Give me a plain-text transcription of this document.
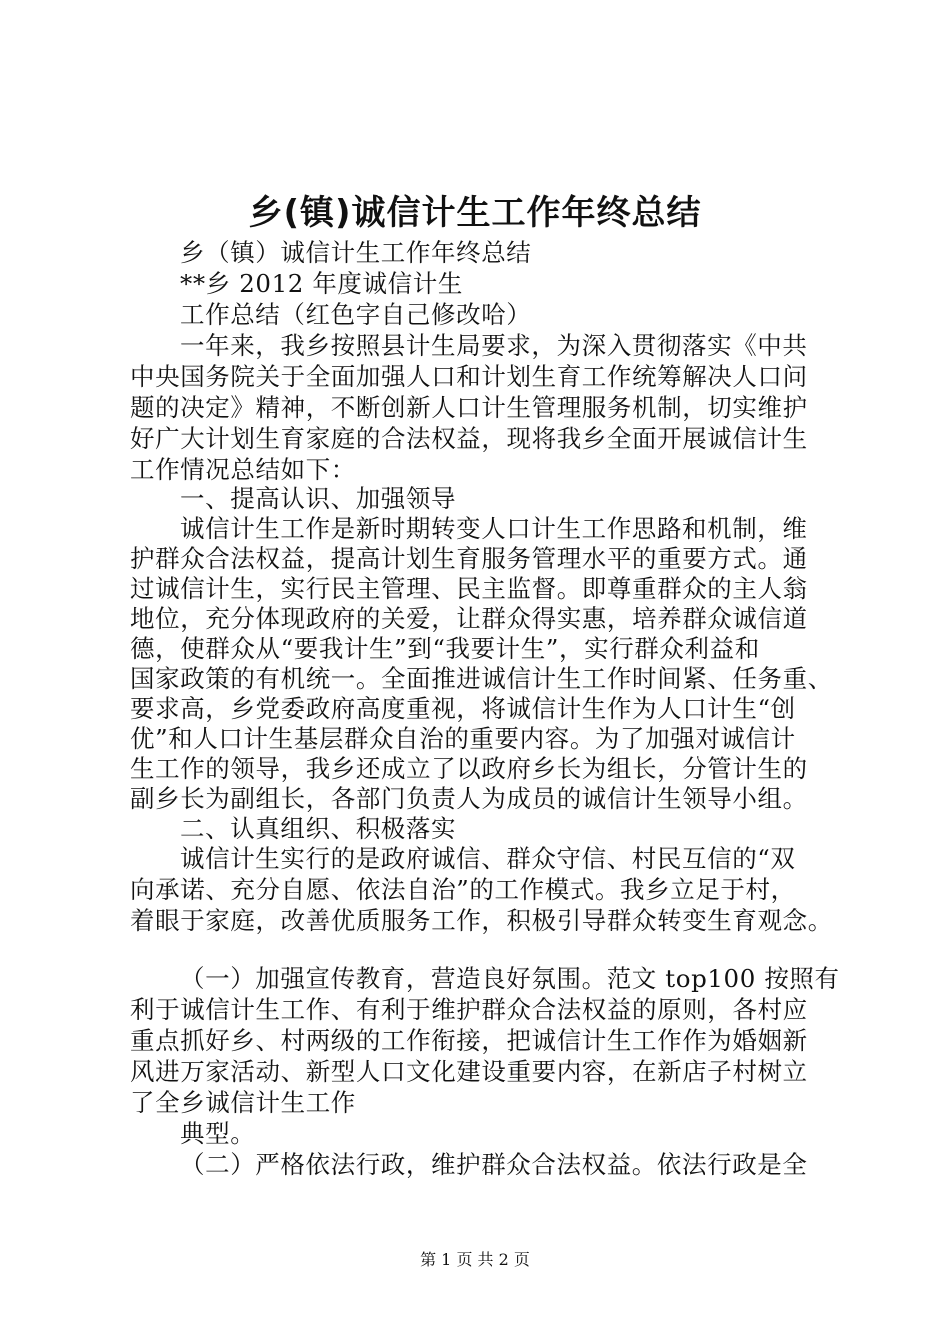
乡(镇)诚信计生工作年终总结
乡（镇）诚信计生工作年终总结
**乡 2012 年度诚信计生
工作总结（红色字自己修改哈）
一年来，我乡按照县计生局要求，为深入贯彻落实《中共
中央国务院关于全面加强人口和计划生育工作统筹解决人口问
题的决定》精神，不断创新人口计生管理服务机制，切实维护
好广大计划生育家庭的合法权益，现将我乡全面开展诚信计生
工作情况总结如下：
一、提高认识、加强领导
诚信计生工作是新时期转变人口计生工作思路和机制，维
护群众合法权益，提高计划生育服务管理水平的重要方式。通
过诚信计生，实行民主管理、民主监督。即尊重群众的主人翁
地位，充分体现政府的关爱，让群众得实惠，培养群众诚信道
德，使群众从“要我计生”到“我要计生”，实行群众利益和
国家政策的有机统一。全面推进诚信计生工作时间紧、任务重、
要求高，乡党委政府高度重视，将诚信计生作为人口计生“创
优”和人口计生基层群众自治的重要内容。为了加强对诚信计
生工作的领导，我乡还成立了以政府乡长为组长，分管计生的
副乡长为副组长，各部门负责人为成员的诚信计生领导小组。
二、认真组织、积极落实
诚信计生实行的是政府诚信、群众守信、村民互信的“双
向承诺、充分自愿、依法自治”的工作模式。我乡立足于村，
着眼于家庭，改善优质服务工作，积极引导群众转变生育观念。
（一）加强宣传教育，营造良好氛围。范文 top100 按照有
利于诚信计生工作、有利于维护群众合法权益的原则，各村应
重点抓好乡、村两级的工作衔接，把诚信计生工作作为婚姻新
风进万家活动、新型人口文化建设重要内容，在新店子村树立
了全乡诚信计生工作
典型。
（二）严格依法行政，维护群众合法权益。依法行政是全
第 1 页 共 2 页
